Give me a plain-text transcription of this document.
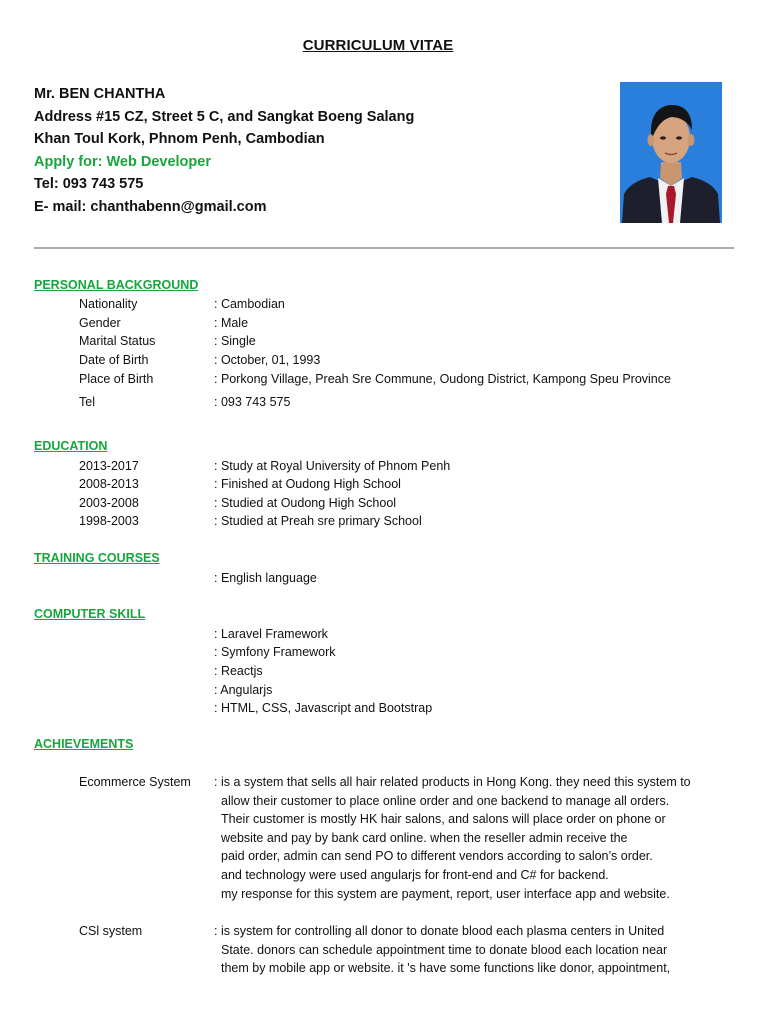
CURRICULUM VITAE
Mr. BEN CHANTHA
Address #15 CZ, Street 5 C, and Sangkat Boeng Salang
Khan Toul Kork, Phnom Penh, Cambodian
Apply for: Web Developer
Tel: 093 743 575
E- mail: chanthabenn@gmail.com
PERSONAL BACKGROUND
Nationality	: Cambodian
Gender	: Male
Marital Status	: Single
Date of Birth	: October, 01, 1993
Place of Birth	: Porkong Village, Preah Sre Commune, Oudong District, Kampong Speu Province
Tel	: 093 743 575
EDUCATION
2013-2017	: Study at Royal University of Phnom Penh
2008-2013	: Finished at Oudong High School
2003-2008	: Studied at Oudong High School
1998-2003	: Studied at Preah sre primary School
TRAINING COURSES
: English language
COMPUTER SKILL
: Laravel Framework
: Symfony Framework
: Reactjs
: Angularjs
: HTML, CSS, Javascript and Bootstrap
ACHIEVEMENTS
Ecommerce System : is a system that sells all hair related products in Hong Kong. they need this system to
allow their customer to place online order and one backend to manage all orders.
Their customer is mostly HK hair salons, and salons will place order on phone or
website and pay by bank card online. when the reseller admin receive the
paid order, admin can send PO to different vendors according to salon’s order.
and technology were used angularjs for front-end and C# for backend.
my response for this system are payment, report, user interface app and website.
CSl system	: is system for controlling all donor to donate blood each plasma centers in United
State. donors can schedule appointment time to donate blood each location near
them by mobile app or website. it 's have some functions like donor, appointment,
